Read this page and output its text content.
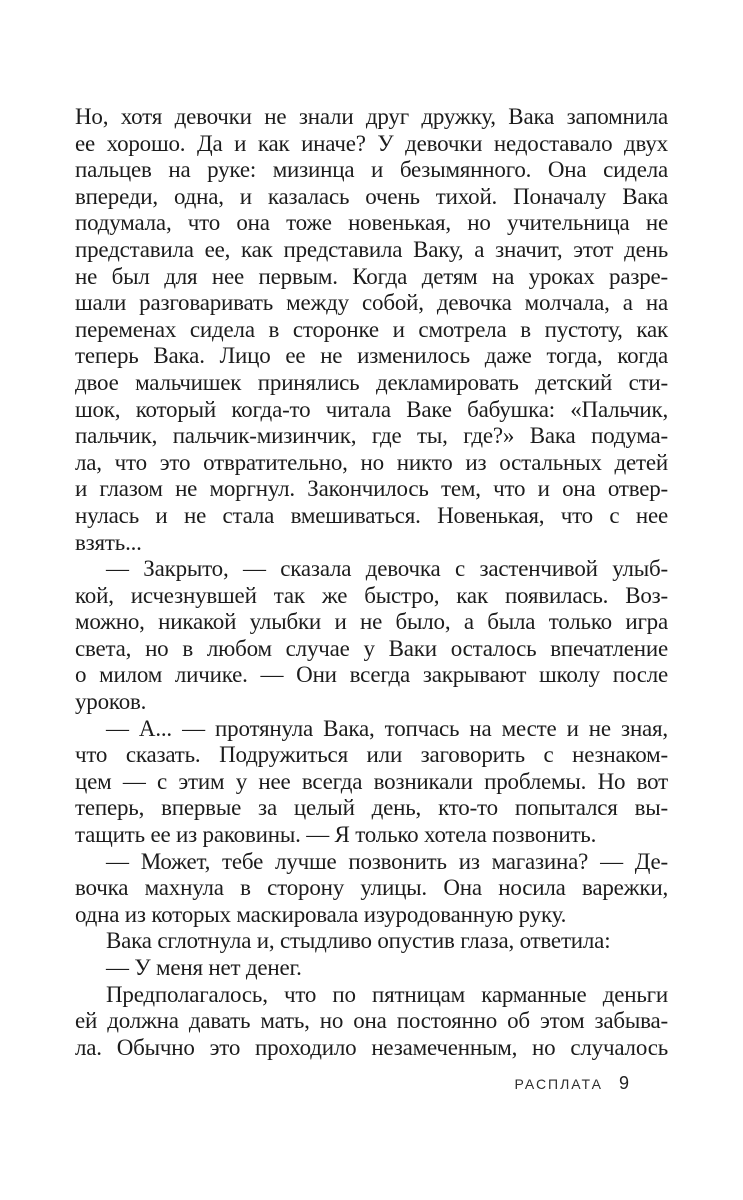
Но, хотя девочки не знали друг дружку, Вака запомнила
ее хорошо. Да и как иначе? У девочки недоставало двух
пальцев на руке: мизинца и безымянного. Она сидела
впереди, одна, и казалась очень тихой. Поначалу Вака
подумала, что она тоже новенькая, но учительница не
представила ее, как представила Ваку, а значит, этот день
не был для нее первым. Когда детям на уроках разре-
шали разговаривать между собой, девочка молчала, а на
переменах сидела в сторонке и смотрела в пустоту, как
теперь Вака. Лицо ее не изменилось даже тогда, когда
двое мальчишек принялись декламировать детский сти-
шок, который когда-то читала Ваке бабушка: «Пальчик,
пальчик, пальчик-мизинчик, где ты, где?» Вака подума-
ла, что это отвратительно, но никто из остальных детей
и глазом не моргнул. Закончилось тем, что и она отвер-
нулась и не стала вмешиваться. Новенькая, что с нее
взять...
— Закрыто, — сказала девочка с застенчивой улыб-
кой, исчезнувшей так же быстро, как появилась. Воз-
можно, никакой улыбки и не было, а была только игра
света, но в любом случае у Ваки осталось впечатление
о милом личике. — Они всегда закрывают школу после
уроков.
— А... — протянула Вака, топчась на месте и не зная,
что сказать. Подружиться или заговорить с незнаком-
цем — с этим у нее всегда возникали проблемы. Но вот
теперь, впервые за целый день, кто-то попытался вы-
тащить ее из раковины. — Я только хотела позвонить.
— Может, тебе лучше позвонить из магазина? — Де-
вочка махнула в сторону улицы. Она носила варежки,
одна из которых маскировала изуродованную руку.
Вака сглотнула и, стыдливо опустив глаза, ответила:
— У меня нет денег.
Предполагалось, что по пятницам карманные деньги
ей должна давать мать, но она постоянно об этом забыва-
ла. Обычно это проходило незамеченным, но случалось
РАСПЛАТА 9
